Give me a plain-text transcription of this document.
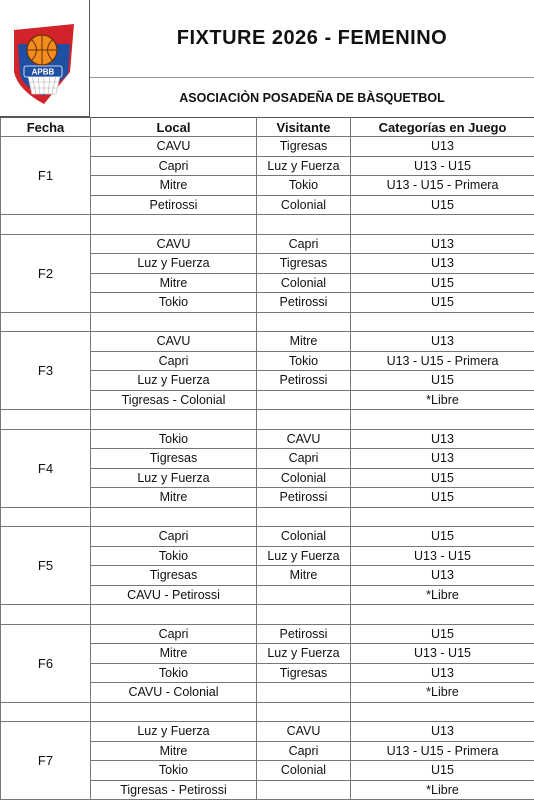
APBB
FIXTURE 2026 - FEMENINO
ASOCIACIÒN POSADEÑA DE BÀSQUETBOL
Fecha	Local	Visitante	Categorías en Juego
F1	CAVU	Tigresas	U13
	Capri	Luz y Fuerza	U13 - U15
	Mitre	Tokio	U13 - U15 - Primera
	Petirossi	Colonial	U15

F2	CAVU	Capri	U13
	Luz y Fuerza	Tigresas	U13
	Mitre	Colonial	U15
	Tokio	Petirossi	U15

F3	CAVU	Mitre	U13
	Capri	Tokio	U13 - U15 - Primera
	Luz y Fuerza	Petirossi	U15
	Tigresas - Colonial		*Libre

F4	Tokio	CAVU	U13
	Tigresas	Capri	U13
	Luz y Fuerza	Colonial	U15
	Mitre	Petirossi	U15

F5	Capri	Colonial	U15
	Tokio	Luz y Fuerza	U13 - U15
	Tigresas	Mitre	U13
	CAVU - Petirossi		*Libre

F6	Capri	Petirossi	U15
	Mitre	Luz y Fuerza	U13 - U15
	Tokio	Tigresas	U13
	CAVU - Colonial		*Libre

F7	Luz y Fuerza	CAVU	U13
	Mitre	Capri	U13 - U15 - Primera
	Tokio	Colonial	U15
	Tigresas - Petirossi		*Libre
